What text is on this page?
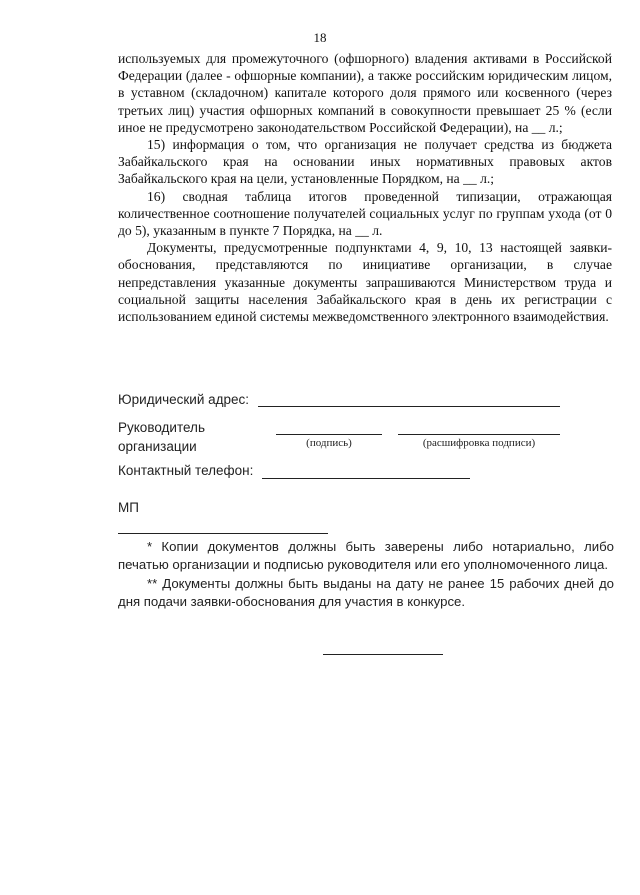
18

используемых для промежуточного (офшорного) владения активами в Российской Федерации (далее - офшорные компании), а также российским юридическим лицом, в уставном (складочном) капитале которого доля прямого или косвенного (через третьих лиц) участия офшорных компаний в совокупности превышает 25 % (если иное не предусмотрено законодательством Российской Федерации), на __ л.;

15) информация о том, что организация не получает средства из бюджета Забайкальского края на основании иных нормативных правовых актов Забайкальского края на цели, установленные Порядком, на __ л.;

16) сводная таблица итогов проведенной типизации, отражающая количественное соотношение получателей социальных услуг по группам ухода (от 0 до 5), указанным в пункте 7 Порядка, на __ л.

Документы, предусмотренные подпунктами 4, 9, 10, 13 настоящей заявки-обоснования, представляются по инициативе организации, в случае непредставления указанные документы запрашиваются Министерством труда и социальной защиты населения Забайкальского края в день их регистрации с использованием единой системы межведомственного электронного взаимодействия.

Юридический адрес:
Руководитель
организации	(подпись)	(расшифровка подписи)
Контактный телефон:
МП

* Копии документов должны быть заверены либо нотариально, либо печатью организации и подписью руководителя или его уполномоченного лица.

** Документы должны быть выданы на дату не ранее 15 рабочих дней до дня подачи заявки-обоснования для участия в конкурсе.
